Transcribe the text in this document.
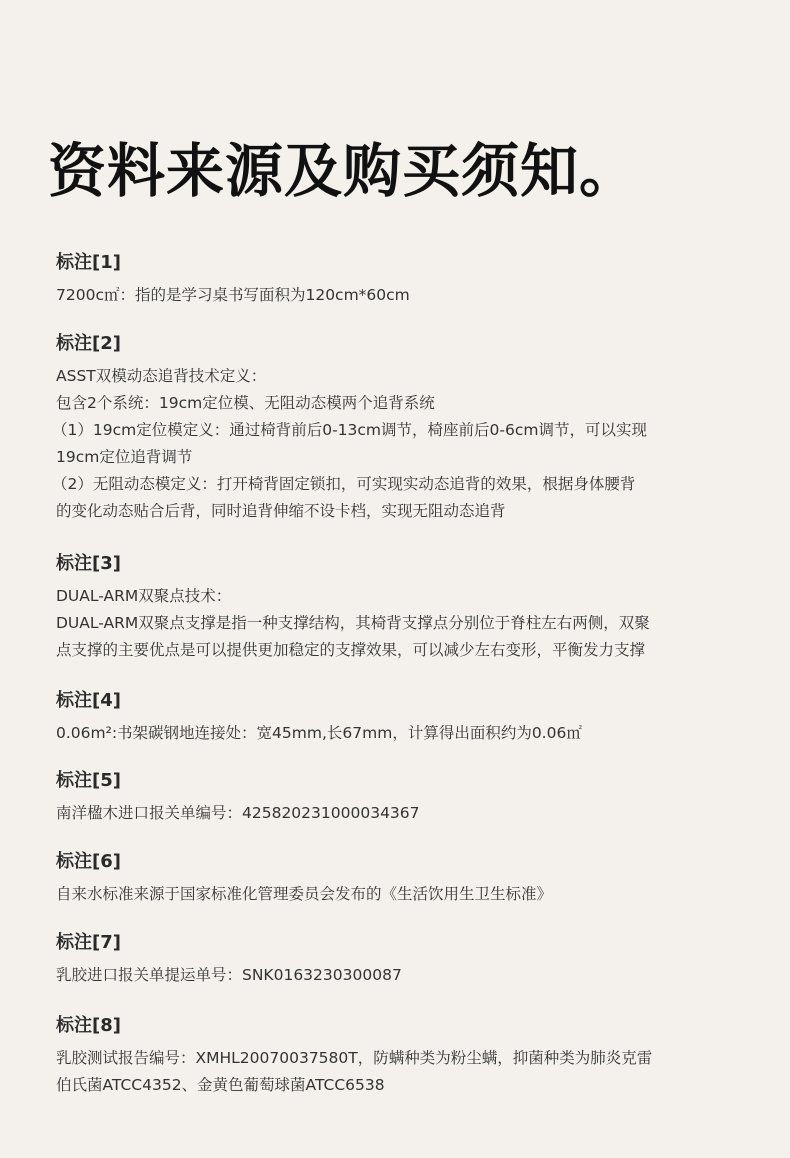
资料来源及购买须知。
标注[1]
7200c㎡：指的是学习桌书写面积为120cm*60cm
标注[2]
ASST双模动态追背技术定义：
包含2个系统：19cm定位模、无阻动态模两个追背系统
（1）19cm定位模定义：通过椅背前后0-13cm调节，椅座前后0-6cm调节，可以实现
19cm定位追背调节
（2）无阻动态模定义：打开椅背固定锁扣，可实现实动态追背的效果，根据身体腰背
的变化动态贴合后背，同时追背伸缩不设卡档，实现无阻动态追背
标注[3]
DUAL-ARM双聚点技术：
DUAL-ARM双聚点支撑是指一种支撑结构，其椅背支撑点分别位于脊柱左右两侧，双聚
点支撑的主要优点是可以提供更加稳定的支撑效果，可以减少左右变形，平衡发力支撑
标注[4]
0.06m²:书架碳钢地连接处：宽45mm,长67mm，计算得出面积约为0.06㎡
标注[5]
南洋楹木进口报关单编号：425820231000034367
标注[6]
自来水标准来源于国家标准化管理委员会发布的《生活饮用生卫生标准》
标注[7]
乳胶进口报关单提运单号：SNK0163230300087
标注[8]
乳胶测试报告编号：XMHL20070037580T，防螨种类为粉尘螨，抑菌种类为肺炎克雷
伯氏菌ATCC4352、金黄色葡萄球菌ATCC6538
